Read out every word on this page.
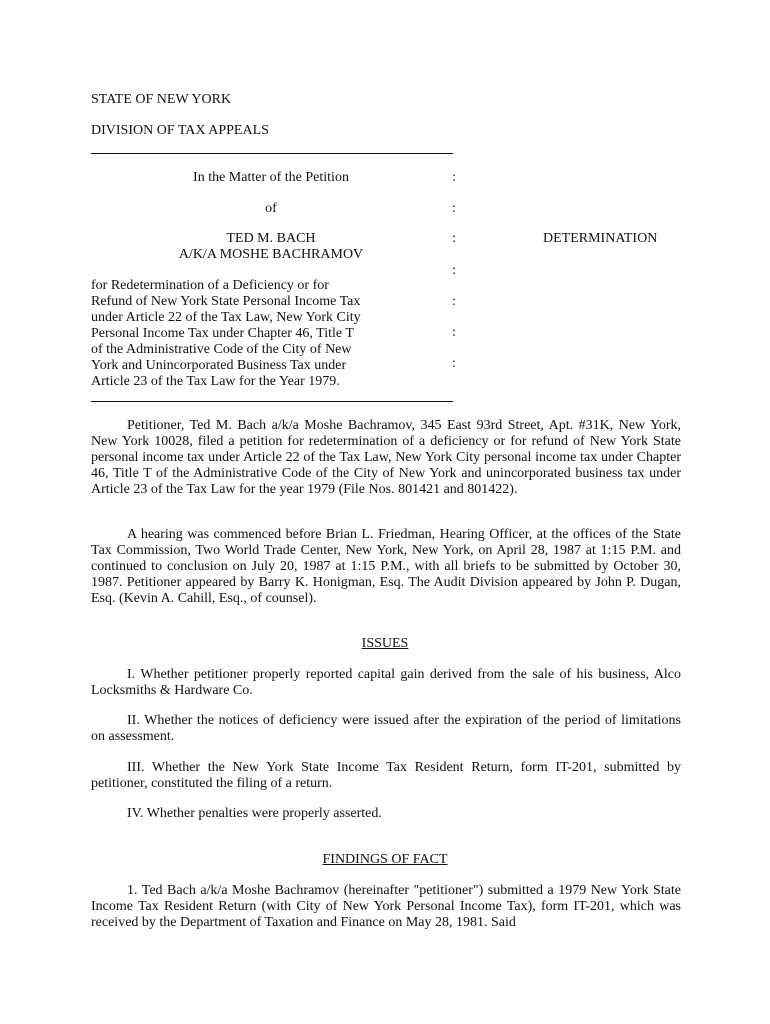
STATE OF NEW YORK
DIVISION OF TAX APPEALS
In the Matter of the Petition
of
TED M. BACH
A/K/A MOSHE BACHRAMOV
for Redetermination of a Deficiency or for
Refund of New York State Personal Income Tax
under Article 22 of the Tax Law, New York City
Personal Income Tax under Chapter 46, Title T
of the Administrative Code of the City of New
York and Unincorporated Business Tax under
Article 23 of the Tax Law for the Year 1979.
:
:
:
:
:
:
:
DETERMINATION

Petitioner, Ted M. Bach a/k/a Moshe Bachramov, 345 East 93rd Street, Apt. #31K, New York, New York 10028, filed a petition for redetermination of a deficiency or for refund of New York State personal income tax under Article 22 of the Tax Law, New York City personal income tax under Chapter 46, Title T of the Administrative Code of the City of New York and unincorporated business tax under Article 23 of the Tax Law for the year 1979 (File Nos. 801421 and 801422).

A hearing was commenced before Brian L. Friedman, Hearing Officer, at the offices of the State Tax Commission, Two World Trade Center, New York, New York, on April 28, 1987 at 1:15 P.M. and continued to conclusion on July 20, 1987 at 1:15 P.M., with all briefs to be submitted by October 30, 1987. Petitioner appeared by Barry K. Honigman, Esq. The Audit Division appeared by John P. Dugan, Esq. (Kevin A. Cahill, Esq., of counsel).

ISSUES

I. Whether petitioner properly reported capital gain derived from the sale of his business, Alco Locksmiths & Hardware Co.

II. Whether the notices of deficiency were issued after the expiration of the period of limitations on assessment.

III. Whether the New York State Income Tax Resident Return, form IT-201, submitted by petitioner, constituted the filing of a return.

IV. Whether penalties were properly asserted.

FINDINGS OF FACT

1. Ted Bach a/k/a Moshe Bachramov (hereinafter "petitioner") submitted a 1979 New York State Income Tax Resident Return (with City of New York Personal Income Tax), form IT-201, which was received by the Department of Taxation and Finance on May 28, 1981. Said
